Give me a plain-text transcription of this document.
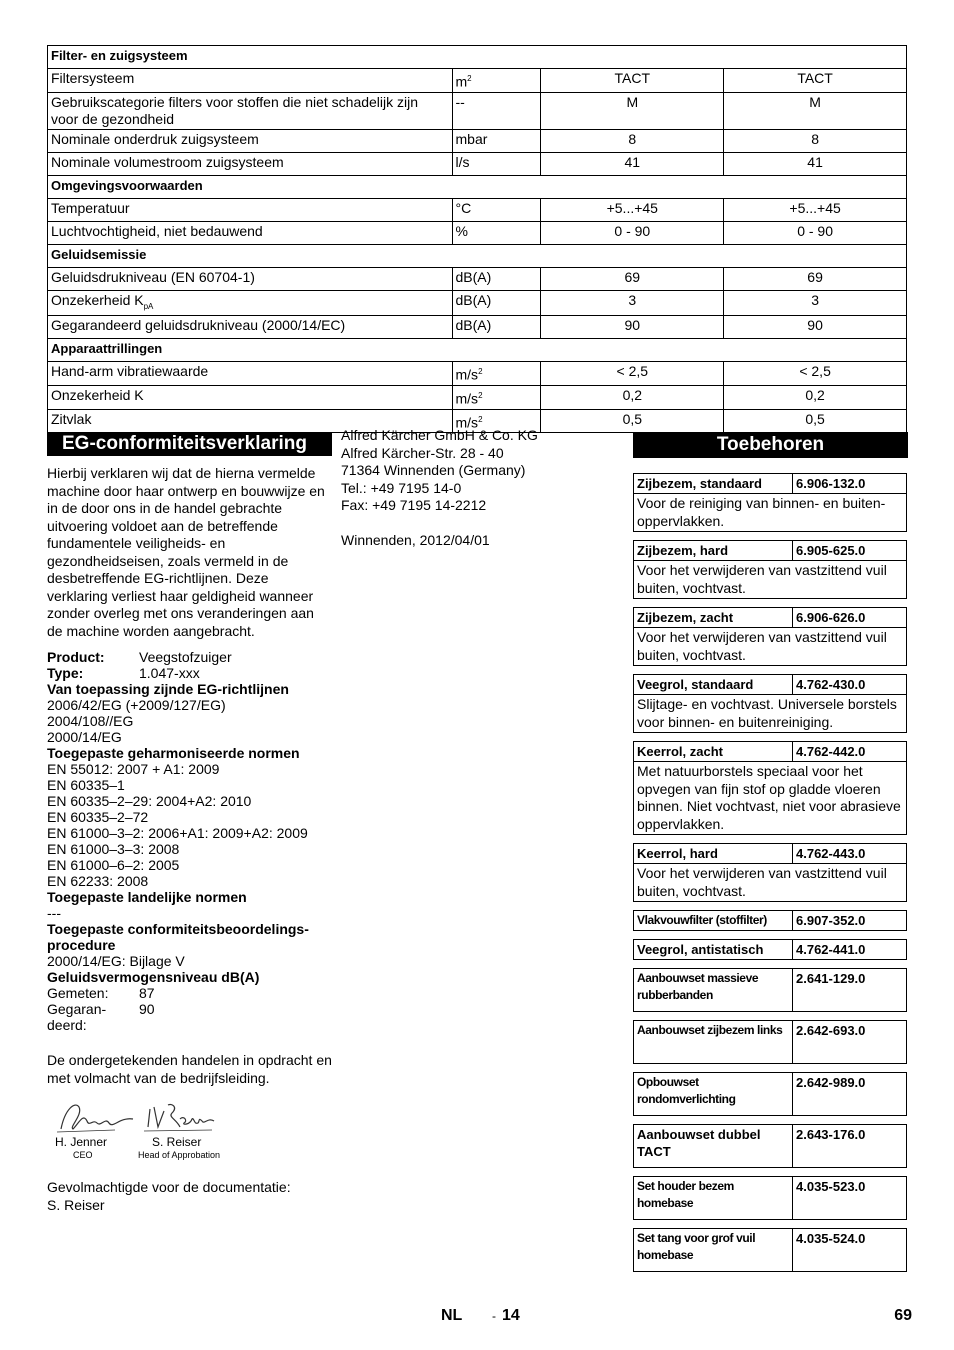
Filter- en zuigsysteem			
Filtersysteem	$m^2$	TACT	TACT
Gebruikscategorie filters voor stoffen die niet schadelijk zijn voor de gezondheid	--	M	M
Nominale onderdruk zuigsysteem	mbar	8	8
Nominale volumestroom zuigsysteem	l/s	41	41
Omgevingsvoorwaarden			
Temperatuur	°C	+5...+45	+5...+45
Luchtvochtigheid, niet bedauwend	%	0 - 90	0 - 90
Geluidsemissie			
Geluidsdrukniveau (EN 60704-1)	dB(A)	69	69
Onzekerheid $K_{pA}$	dB(A)	3	3
Gegarandeerd geluidsdrukniveau (2000/14/EC)	dB(A)	90	90
Apparaattrillingen			
Hand-arm vibratiewaarde	$m/s^2$	< 2,5	< 2,5
Onzekerheid K	$m/s^2$	0,2	0,2
Zitvlak	$m/s^2$	0,5	0,5
EG-conformiteitsverklaring
Hierbij verklaren wij dat de hierna vermelde machine door haar ontwerp en bouwwijze en in de door ons in de handel gebrachte uitvoering voldoet aan de betreffende fundamentele veiligheids- en gezondheidseisen, zoals vermeld in de desbetreffende EG-richtlijnen. Deze verklaring verliest haar geldigheid wanneer zonder overleg met ons veranderingen aan de machine worden aangebracht.
Product:	Veegstofzuiger
Type:	1.047-xxx
Van toepassing zijnde EG-richtlijnen
2006/42/EG (+2009/127/EG)
2004/108//EG
2000/14/EG
Toegepaste geharmoniseerde normen
EN 55012: 2007 + A1: 2009
EN 60335–1
EN 60335–2–29: 2004+A2: 2010
EN 60335–2–72
EN 61000–3–2: 2006+A1: 2009+A2: 2009
EN 61000–3–3: 2008
EN 61000–6–2: 2005
EN 62233: 2008
Toegepaste landelijke normen
---
Toegepaste conformiteitsbeoordelings-
procedure
2000/14/EG: Bijlage V
Geluidsvermogensniveau dB(A)
Gemeten:	87
Gegaran-	90
deerd:
De ondergetekenden handelen in opdracht en met volmacht van de bedrijfsleiding.
H. Jenner
CEO
S. Reiser
Head of Approbation
Gevolmachtigde voor de documentatie:
S. Reiser
Alfred Kärcher GmbH & Co. KG
Alfred Kärcher-Str. 28 - 40
71364 Winnenden (Germany)
Tel.: +49 7195 14-0
Fax: +49 7195 14-2212
Winnenden, 2012/04/01
Toebehoren
Zijbezem, standaard	6.906-132.0
Voor de reiniging van binnen- en buiten-oppervlakken.
Zijbezem, hard	6.905-625.0
Voor het verwijderen van vastzittend vuil buiten, vochtvast.
Zijbezem, zacht	6.906-626.0
Voor het verwijderen van vastzittend vuil buiten, vochtvast.
Veegrol, standaard	4.762-430.0
Slijtage- en vochtvast. Universele borstels voor binnen- en buitenreiniging.
Keerrol, zacht	4.762-442.0
Met natuurborstels speciaal voor het opvegen van fijn stof op gladde vloeren binnen. Niet vochtvast, niet voor abrasieve oppervlakken.
Keerrol, hard	4.762-443.0
Voor het verwijderen van vastzittend vuil buiten, vochtvast.
Vlakvouwfilter (stoffilter)	6.907-352.0
Veegrol, antistatisch	4.762-441.0
Aanbouwset massieve rubberbanden	2.641-129.0
Aanbouwset zijbezem links	2.642-693.0
Opbouwset rondomverlichting	2.642-989.0
Aanbouwset dubbel TACT	2.643-176.0
Set houder bezem homebase	4.035-523.0
Set tang voor grof vuil homebase	4.035-524.0
NL - 14	69
